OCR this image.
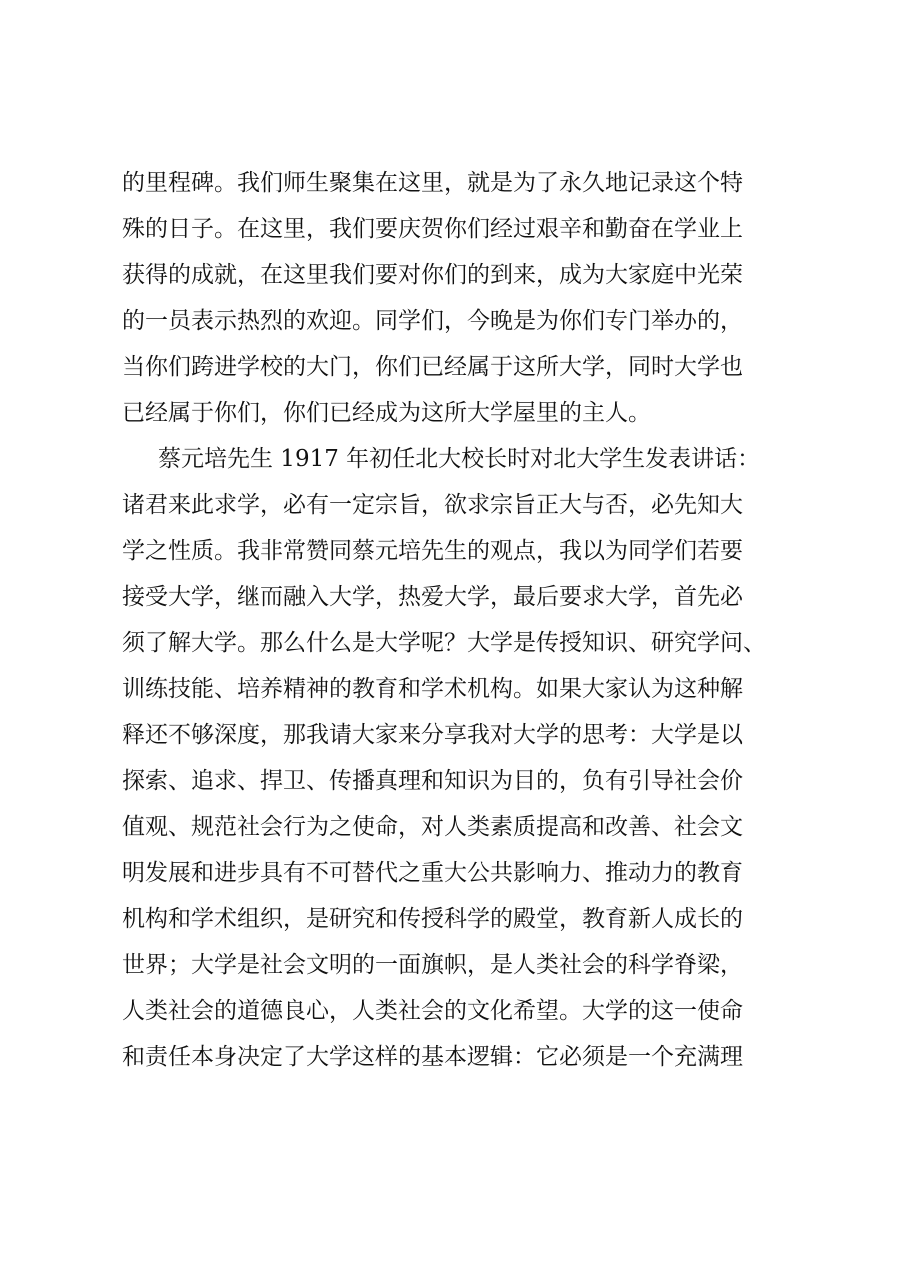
的里程碑。我们师生聚集在这里，就是为了永久地记录这个特
殊的日子。在这里，我们要庆贺你们经过艰辛和勤奋在学业上
获得的成就，在这里我们要对你们的到来，成为大家庭中光荣
的一员表示热烈的欢迎。同学们，今晚是为你们专门举办的，
当你们跨进学校的大门，你们已经属于这所大学，同时大学也
已经属于你们，你们已经成为这所大学屋里的主人。
蔡元培先生 1917 年初任北大校长时对北大学生发表讲话：
诸君来此求学，必有一定宗旨，欲求宗旨正大与否，必先知大
学之性质。我非常赞同蔡元培先生的观点，我以为同学们若要
接受大学，继而融入大学，热爱大学，最后要求大学，首先必
须了解大学。那么什么是大学呢？大学是传授知识、研究学问、
训练技能、培养精神的教育和学术机构。如果大家认为这种解
释还不够深度，那我请大家来分享我对大学的思考：大学是以
探索、追求、捍卫、传播真理和知识为目的，负有引导社会价
值观、规范社会行为之使命，对人类素质提高和改善、社会文
明发展和进步具有不可替代之重大公共影响力、推动力的教育
机构和学术组织，是研究和传授科学的殿堂，教育新人成长的
世界；大学是社会文明的一面旗帜，是人类社会的科学脊梁，
人类社会的道德良心，人类社会的文化希望。大学的这一使命
和责任本身决定了大学这样的基本逻辑：它必须是一个充满理
